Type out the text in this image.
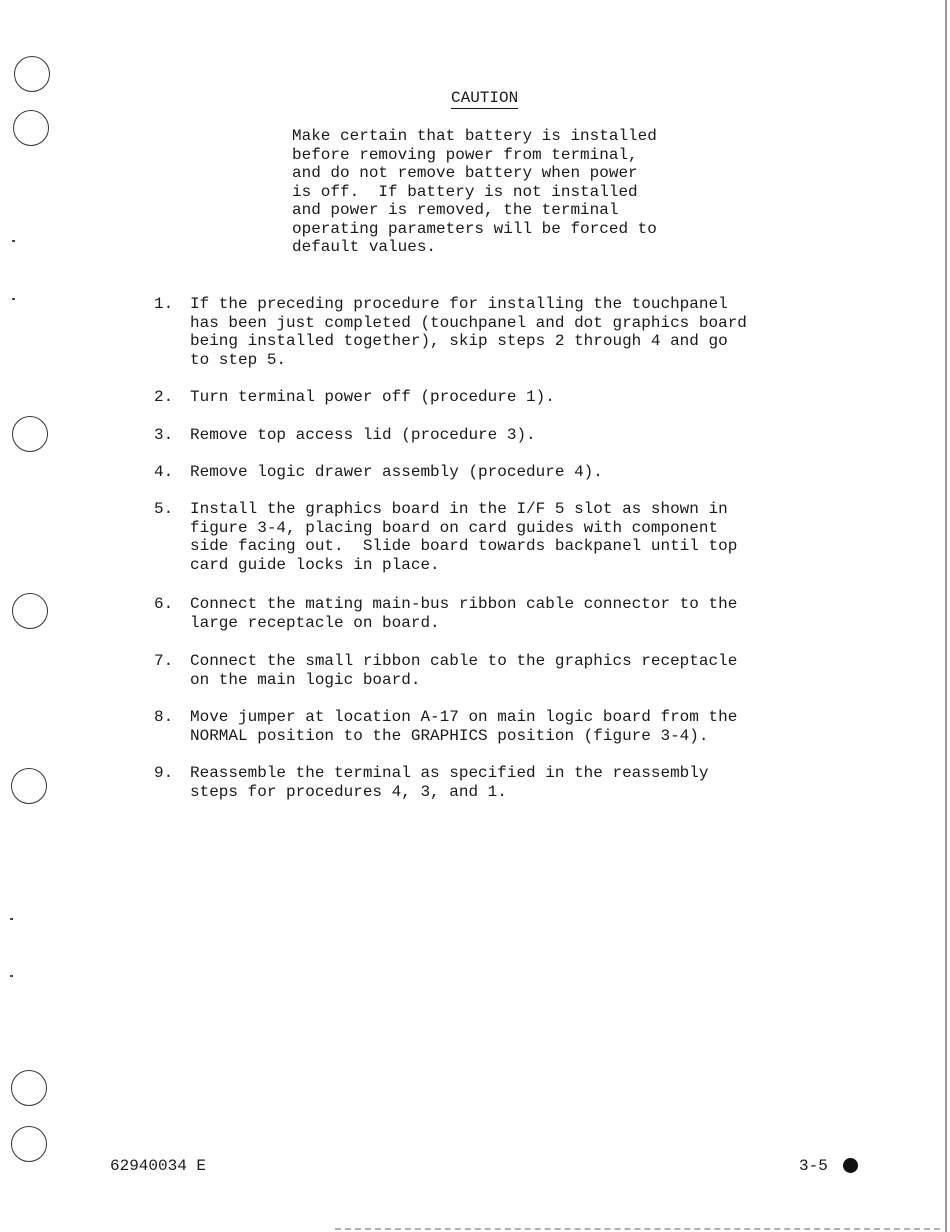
CAUTION
Make certain that battery is installed
before removing power from terminal,
and do not remove battery when power
is off.  If battery is not installed
and power is removed, the terminal
operating parameters will be forced to
default values.
1.	If the preceding procedure for installing the touchpanel
has been just completed (touchpanel and dot graphics board
being installed together), skip steps 2 through 4 and go
to step 5.
2.	Turn terminal power off (procedure 1).
3.	Remove top access lid (procedure 3).
4.	Remove logic drawer assembly (procedure 4).
5.	Install the graphics board in the I/F 5 slot as shown in
figure 3-4, placing board on card guides with component
side facing out.  Slide board towards backpanel until top
card guide locks in place.
6.	Connect the mating main-bus ribbon cable connector to the
large receptacle on board.
7.	Connect the small ribbon cable to the graphics receptacle
on the main logic board.
8.	Move jumper at location A-17 on main logic board from the
NORMAL position to the GRAPHICS position (figure 3-4).
9.	Reassemble the terminal as specified in the reassembly
steps for procedures 4, 3, and 1.
62940034 E	3-5
